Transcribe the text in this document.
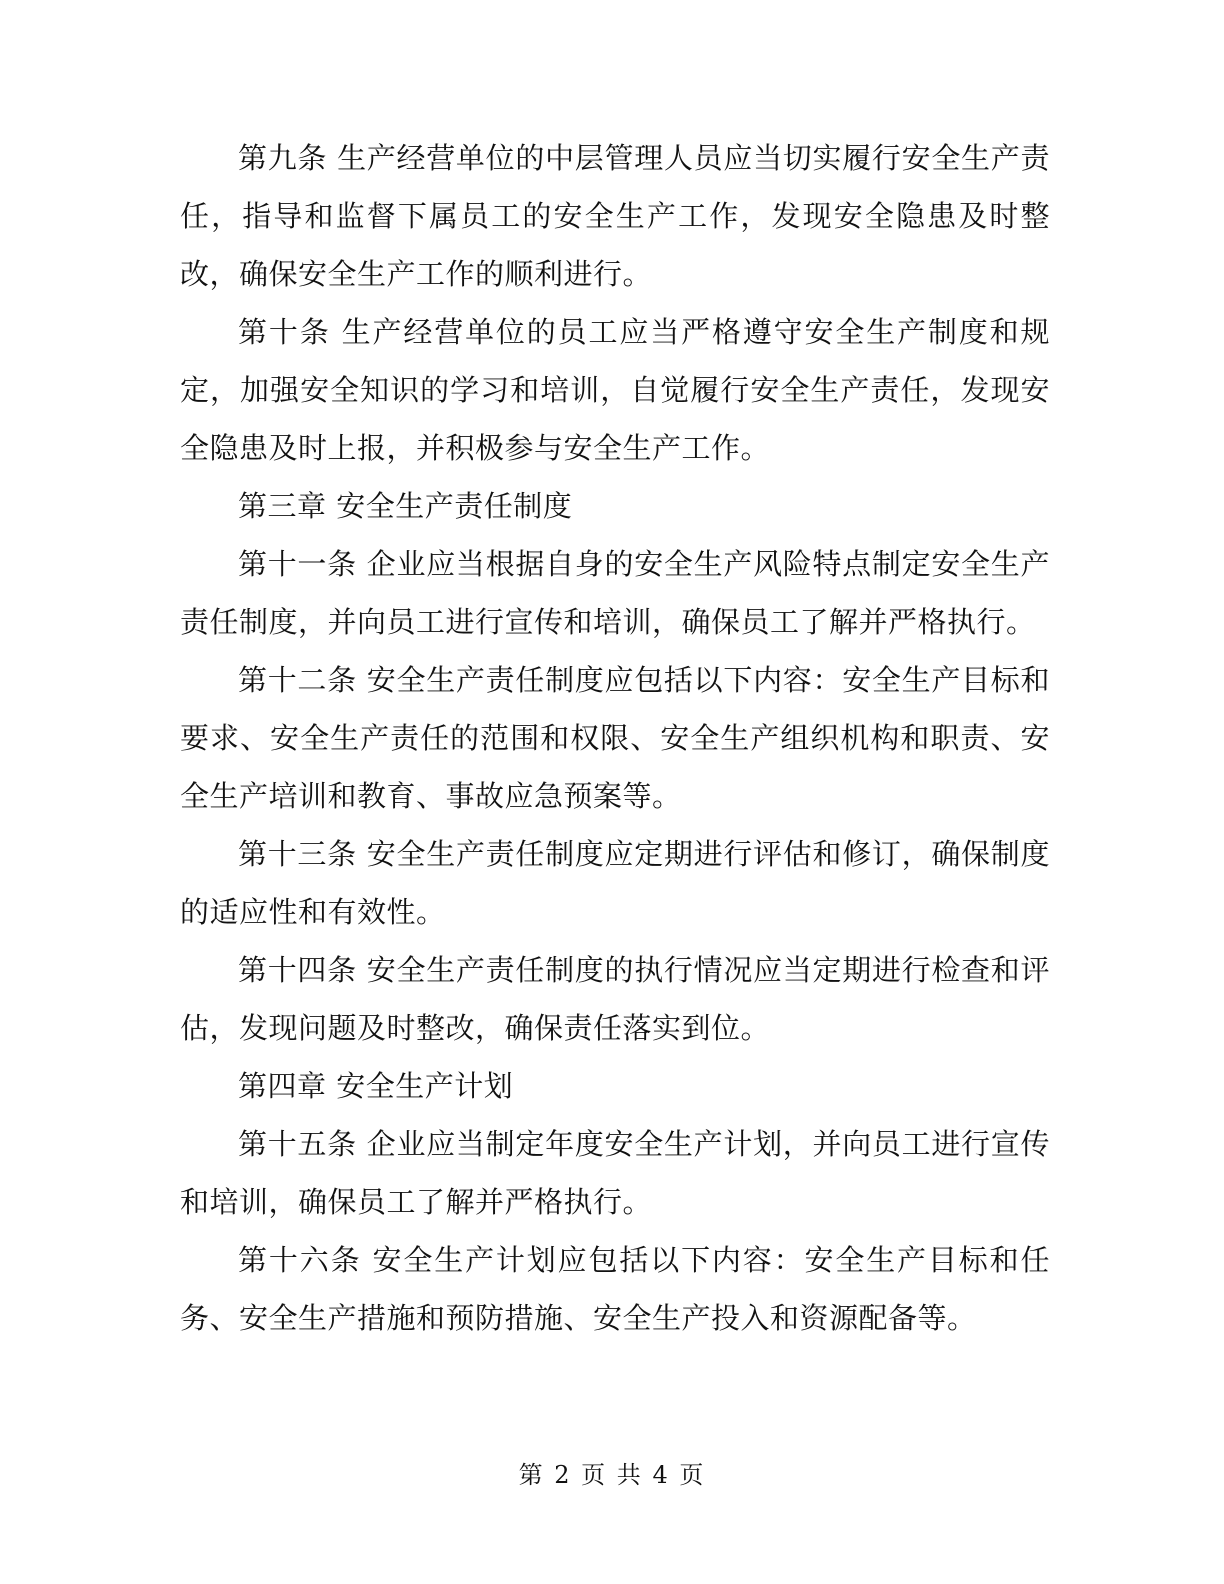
第九条 生产经营单位的中层管理人员应当切实履行安全生产责任，指导和监督下属员工的安全生产工作，发现安全隐患及时整改，确保安全生产工作的顺利进行。

第十条 生产经营单位的员工应当严格遵守安全生产制度和规定，加强安全知识的学习和培训，自觉履行安全生产责任，发现安全隐患及时上报，并积极参与安全生产工作。

第三章 安全生产责任制度

第十一条 企业应当根据自身的安全生产风险特点制定安全生产责任制度，并向员工进行宣传和培训，确保员工了解并严格执行。

第十二条 安全生产责任制度应包括以下内容：安全生产目标和要求、安全生产责任的范围和权限、安全生产组织机构和职责、安全生产培训和教育、事故应急预案等。

第十三条 安全生产责任制度应定期进行评估和修订，确保制度的适应性和有效性。

第十四条 安全生产责任制度的执行情况应当定期进行检查和评估，发现问题及时整改，确保责任落实到位。

第四章 安全生产计划

第十五条 企业应当制定年度安全生产计划，并向员工进行宣传和培训，确保员工了解并严格执行。

第十六条 安全生产计划应包括以下内容：安全生产目标和任务、安全生产措施和预防措施、安全生产投入和资源配备等。

第 2 页 共 4 页
